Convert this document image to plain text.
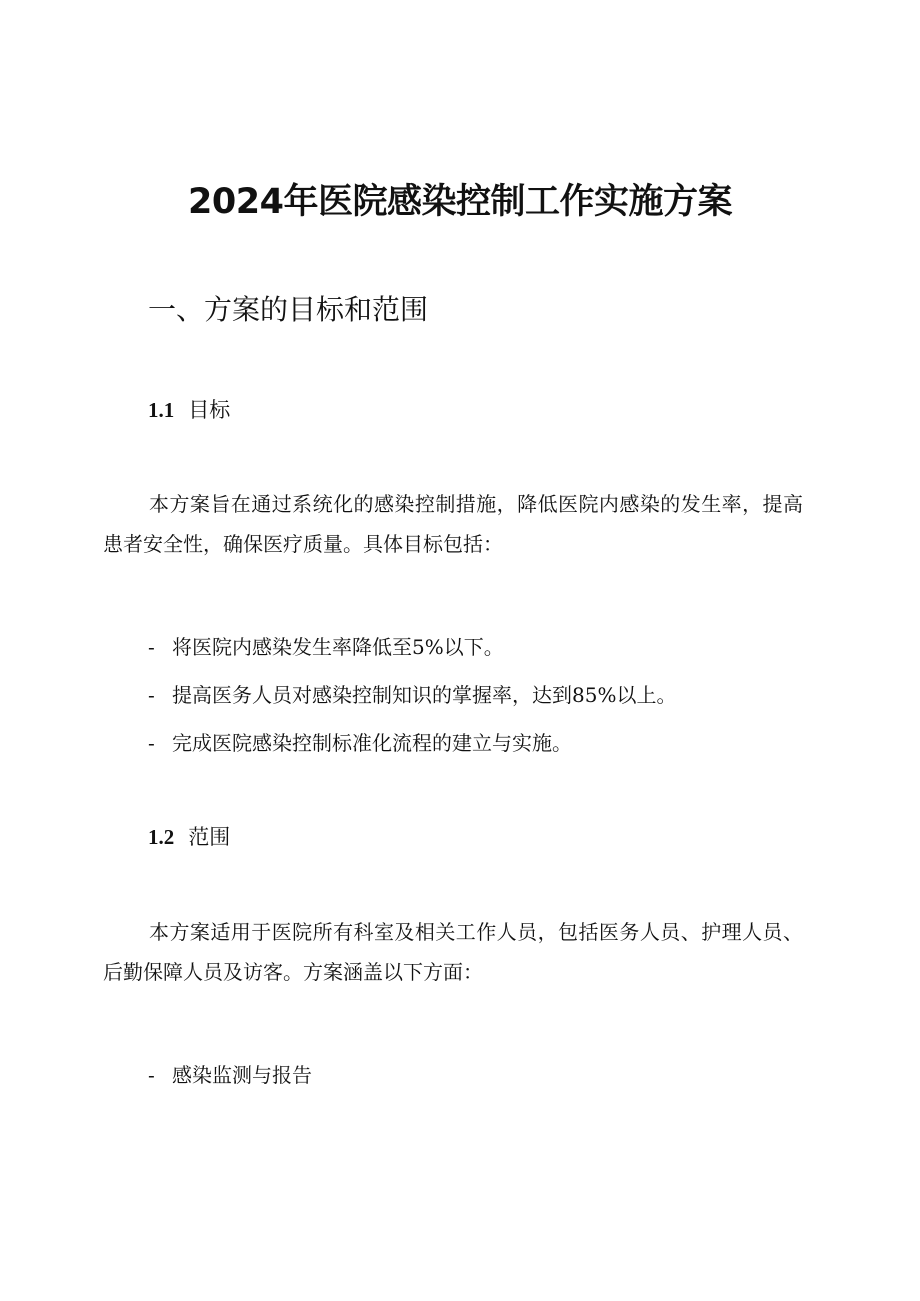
2024年医院感染控制工作实施方案
一、方案的目标和范围
1.1 目标
本方案旨在通过系统化的感染控制措施，降低医院内感染的发生率，提高患者安全性，确保医疗质量。具体目标包括：
- 将医院内感染发生率降低至5%以下。
- 提高医务人员对感染控制知识的掌握率，达到85%以上。
- 完成医院感染控制标准化流程的建立与实施。
1.2 范围
本方案适用于医院所有科室及相关工作人员，包括医务人员、护理人员、后勤保障人员及访客。方案涵盖以下方面：
- 感染监测与报告
